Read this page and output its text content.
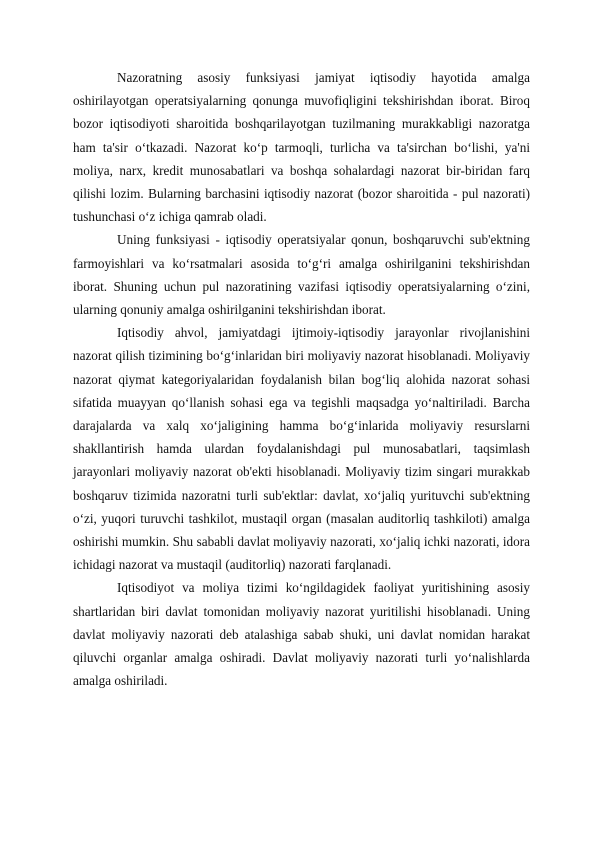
Nazoratning asosiy funksiyasi jamiyat iqtisodiy hayotida amalga oshirilayotgan operatsiyalarning qonunga muvofiqligini tekshirishdan iborat. Biroq bozor iqtisodiyoti sharoitida boshqarilayotgan tuzilmaning murakkabligi nazoratga ham ta'sir o‘tkazadi. Nazorat ko‘p tarmoqli, turlicha va ta'sirchan bo‘lishi, ya'ni moliya, narx, kredit munosabatlari va boshqa sohalardagi nazorat bir-biridan farq qilishi lozim. Bularning barchasini iqtisodiy nazorat (bozor sharoitida - pul nazorati) tushunchasi o‘z ichiga qamrab oladi.

Uning funksiyasi - iqtisodiy operatsiyalar qonun, boshqaruvchi sub'ektning farmoyishlari va ko‘rsatmalari asosida to‘g‘ri amalga oshirilganini tekshirishdan iborat. Shuning uchun pul nazoratining vazifasi iqtisodiy operatsiyalarning o‘zini, ularning qonuniy amalga oshirilganini tekshirishdan iborat.

Iqtisodiy ahvol, jamiyatdagi ijtimoiy-iqtisodiy jarayonlar rivojlanishini nazorat qilish tizimining bo‘g‘inlaridan biri moliyaviy nazorat hisoblanadi. Moliyaviy nazorat qiymat kategoriyalaridan foydalanish bilan bog‘liq alohida nazorat sohasi sifatida muayyan qo‘llanish sohasi ega va tegishli maqsadga yo‘naltiriladi. Barcha darajalarda va xalq xo‘jaligining hamma bo‘g‘inlarida moliyaviy resurslarni shakllantirish hamda ulardan foydalanishdagi pul munosabatlari, taqsimlash jarayonlari moliyaviy nazorat ob'ekti hisoblanadi. Moliyaviy tizim singari murakkab boshqaruv tizimida nazoratni turli sub'ektlar: davlat, xo‘jaliq yurituvchi sub'ektning o‘zi, yuqori turuvchi tashkilot, mustaqil organ (masalan auditorliq tashkiloti) amalga oshirishi mumkin. Shu sababli davlat moliyaviy nazorati, xo‘jaliq ichki nazorati, idora ichidagi nazorat va mustaqil (auditorliq) nazorati farqlanadi.

Iqtisodiyot va moliya tizimi ko‘ngildagidek faoliyat yuritishining asosiy shartlaridan biri davlat tomonidan moliyaviy nazorat yuritilishi hisoblanadi. Uning davlat moliyaviy nazorati deb atalashiga sabab shuki, uni davlat nomidan harakat qiluvchi organlar amalga oshiradi. Davlat moliyaviy nazorati turli yo‘nalishlarda amalga oshiriladi.
